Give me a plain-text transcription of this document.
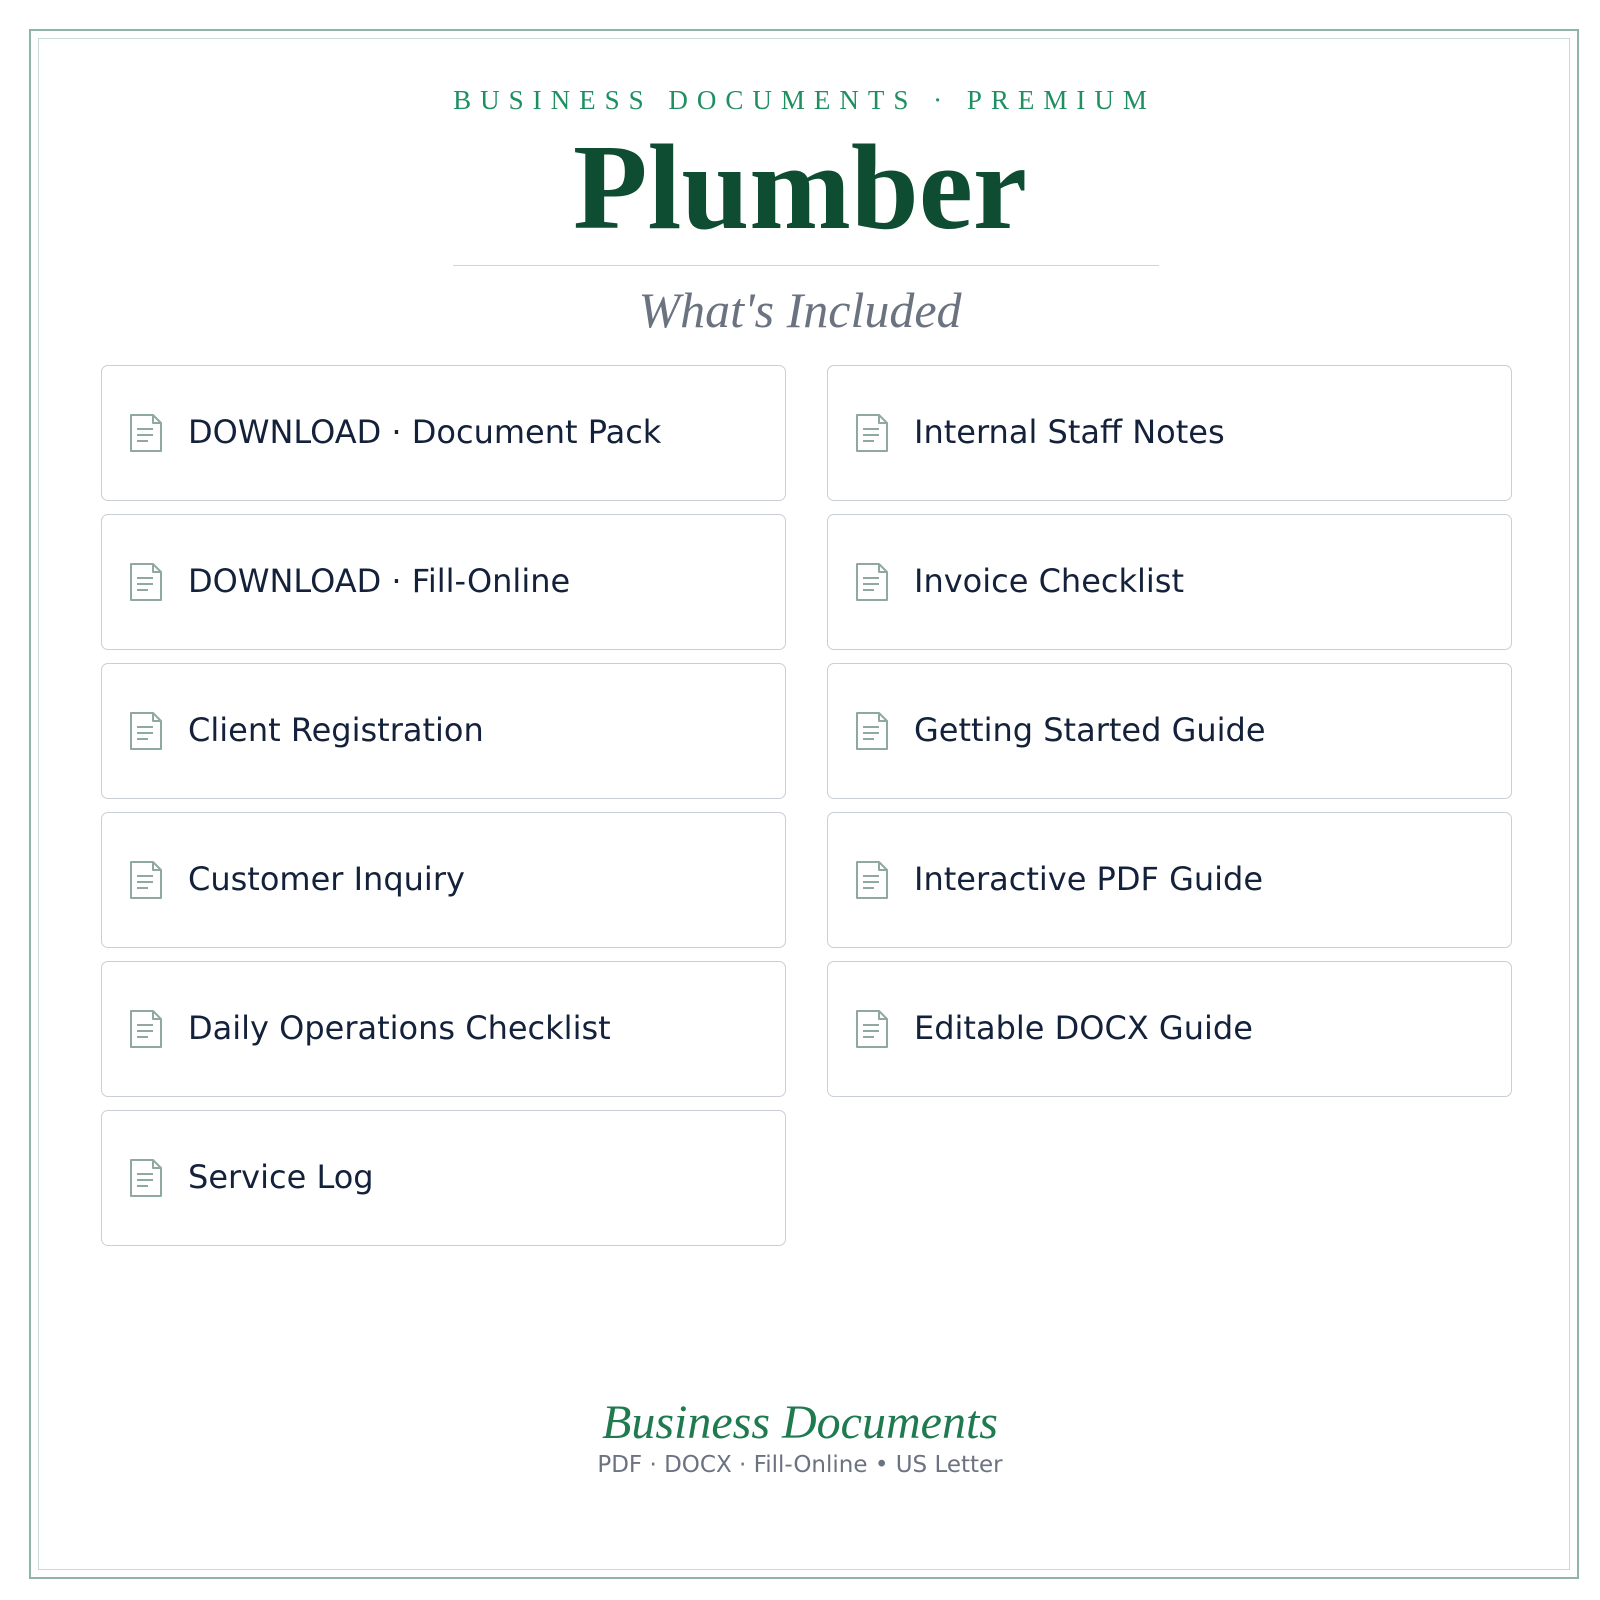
BUSINESS DOCUMENTS · PREMIUM
Plumber
What's Included
DOWNLOAD · Document Pack	Internal Staff Notes
DOWNLOAD · Fill-Online	Invoice Checklist
Client Registration	Getting Started Guide
Customer Inquiry	Interactive PDF Guide
Daily Operations Checklist	Editable DOCX Guide
Service Log
Business Documents
PDF · DOCX · Fill-Online • US Letter
